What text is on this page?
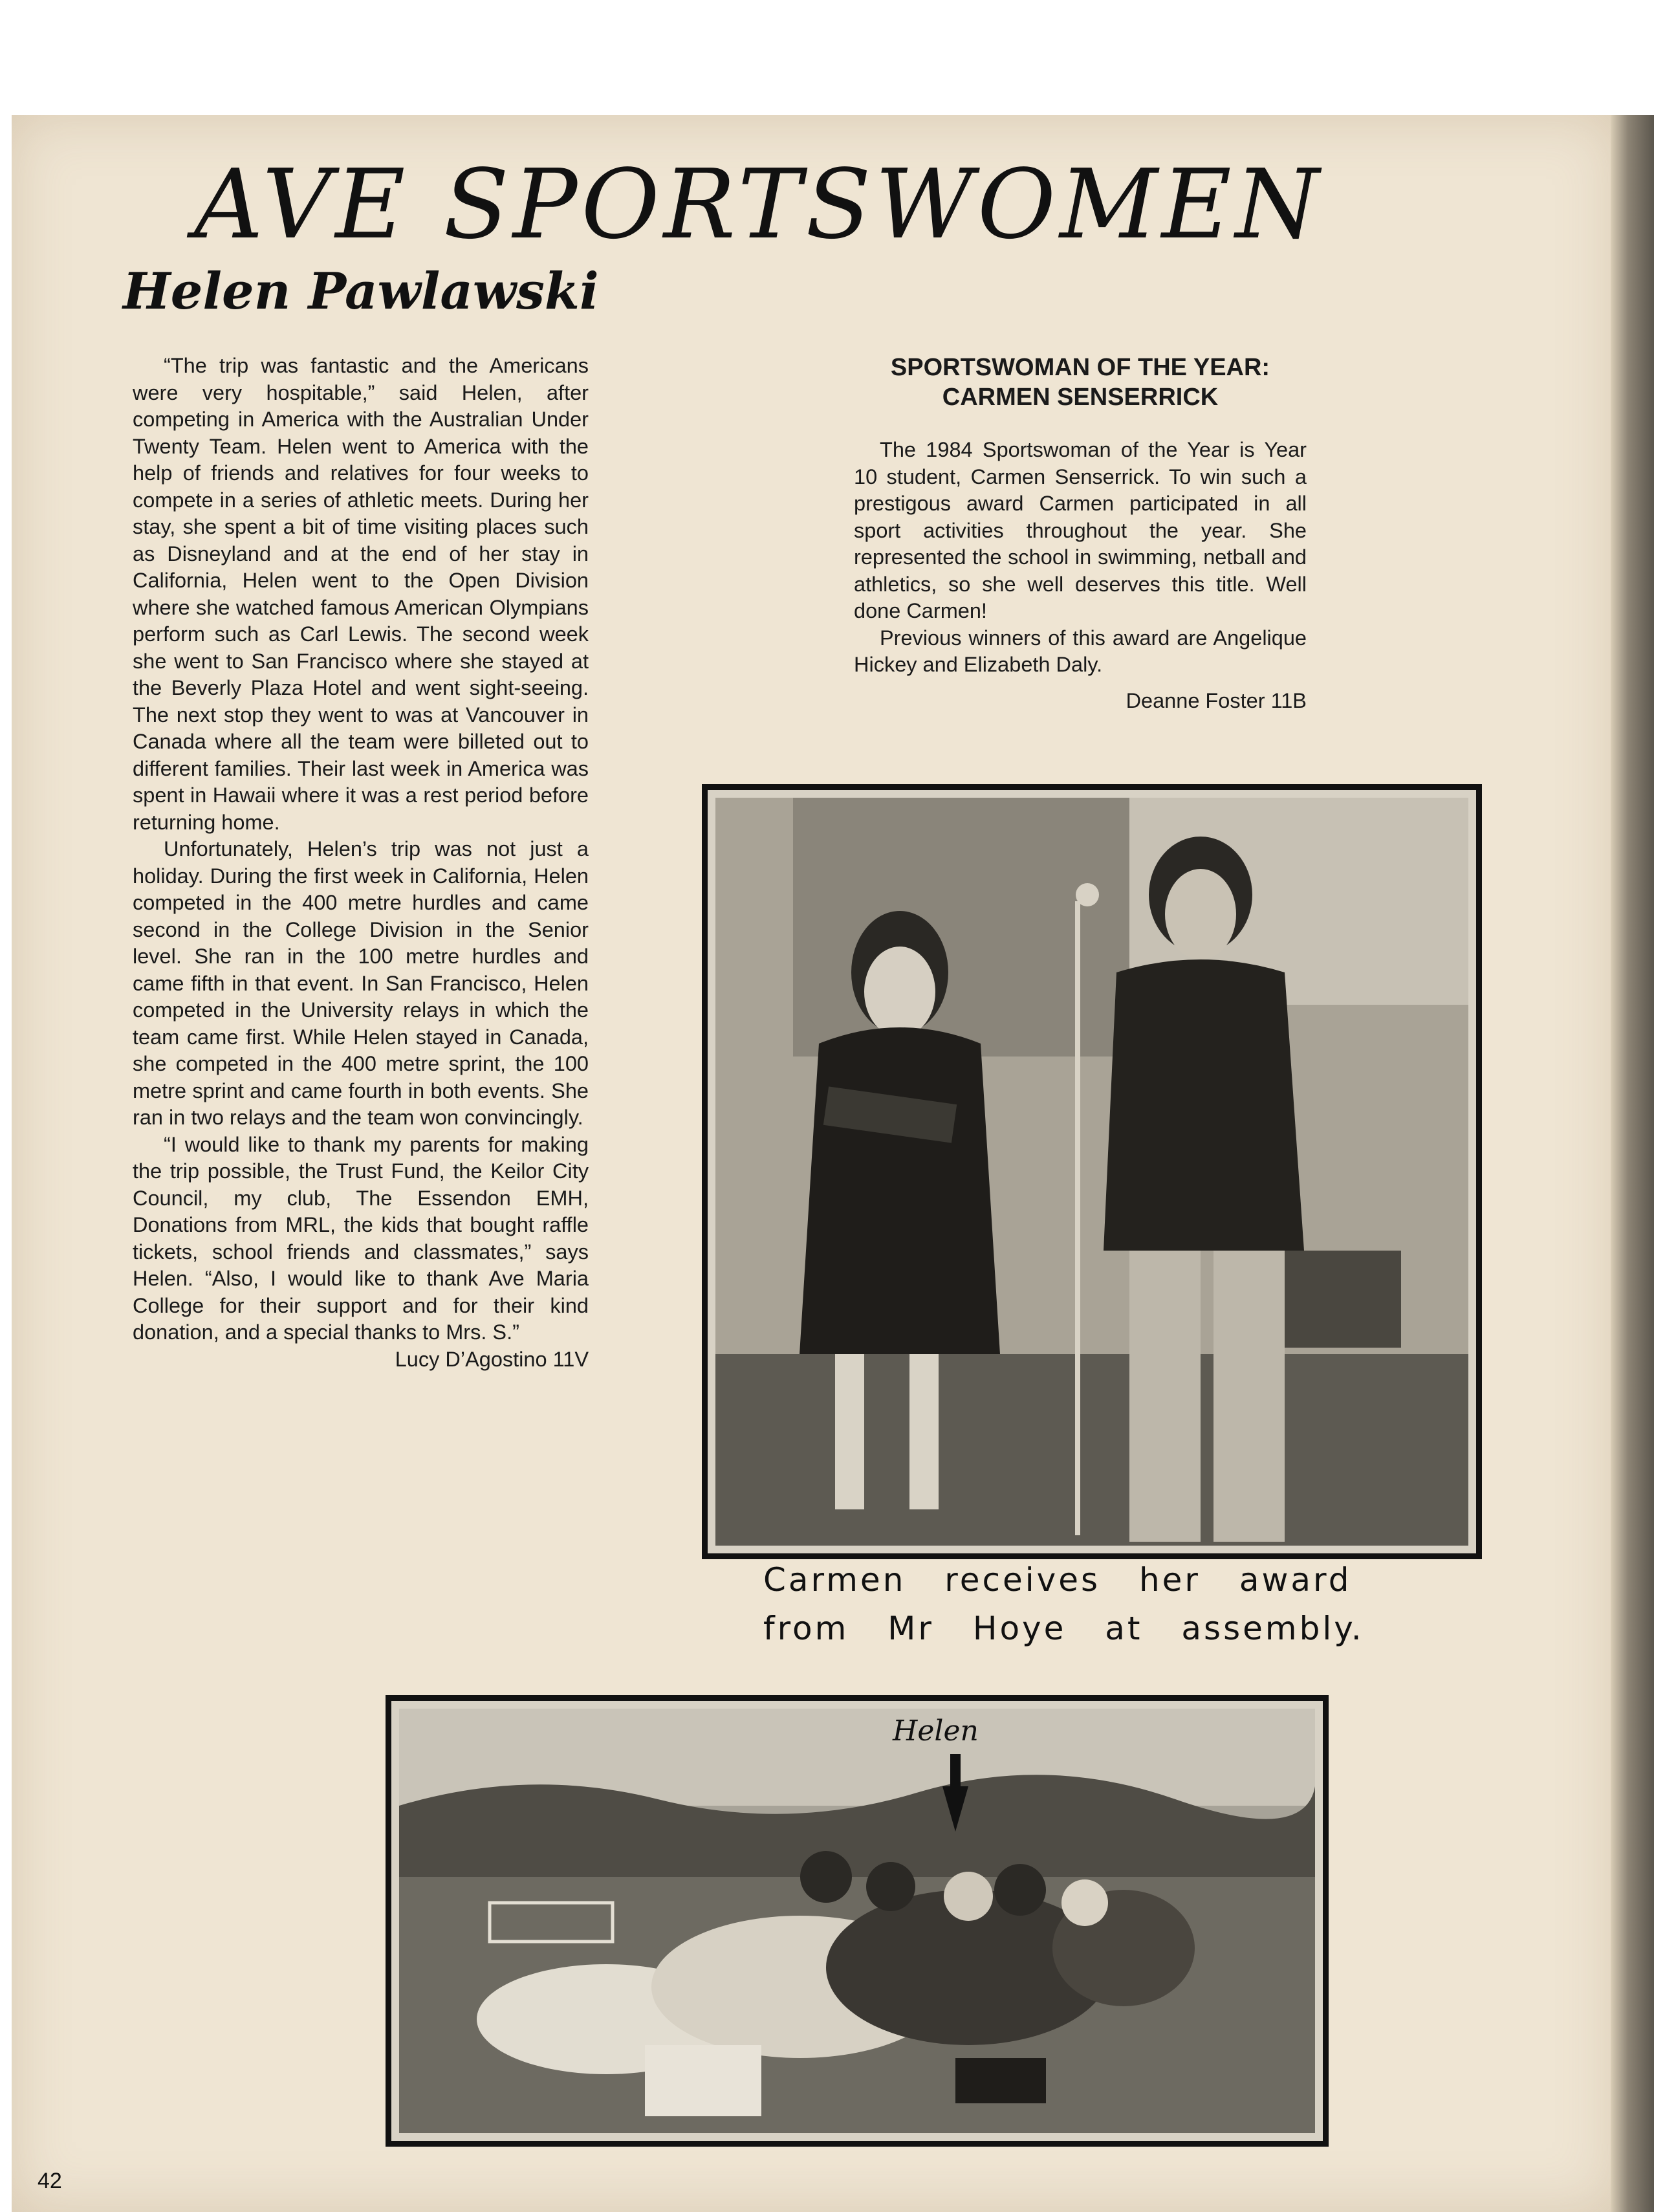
AVE SPORTSWOMEN
Helen Pawlawski

“The trip was fantastic and the Americans were very hospitable,” said Helen, after competing in America with the Australian Under Twenty Team. Helen went to America with the help of friends and relatives for four weeks to compete in a series of athletic meets. During her stay, she spent a bit of time visiting places such as Disneyland and at the end of her stay in California, Helen went to the Open Division where she watched famous American Olympians perform such as Carl Lewis. The second week she went to San Francisco where she stayed at the Beverly Plaza Hotel and went sight-seeing. The next stop they went to was at Vancouver in Canada where all the team were billeted out to different families. Their last week in America was spent in Hawaii where it was a rest period before returning home.

Unfortunately, Helen’s trip was not just a holiday. During the first week in California, Helen competed in the 400 metre hurdles and came second in the College Division in the Senior level. She ran in the 100 metre hurdles and came fifth in that event. In San Francisco, Helen competed in the University relays in which the team came first. While Helen stayed in Canada, she competed in the 400 metre sprint, the 100 metre sprint and came fourth in both events. She ran in two relays and the team won convincingly.

“I would like to thank my parents for making the trip possible, the Trust Fund, the Keilor City Council, my club, The Essendon EMH, Donations from MRL, the kids that bought raffle tickets, school friends and classmates,” says Helen. “Also, I would like to thank Ave Maria College for their support and for their kind donation, and a special thanks to Mrs. S.”

Lucy D’Agostino 11V

SPORTSWOMAN OF THE YEAR: CARMEN SENSERRICK

The 1984 Sportswoman of the Year is Year 10 student, Carmen Senserrick. To win such a prestigous award Carmen participated in all sport activities throughout the year. She represented the school in swimming, netball and athletics, so she well deserves this title. Well done Carmen!

Previous winners of this award are Angelique Hickey and Elizabeth Daly.

Deanne Foster 11B

Carmen receives her award
from Mr Hoye at assembly.
Helen
42
